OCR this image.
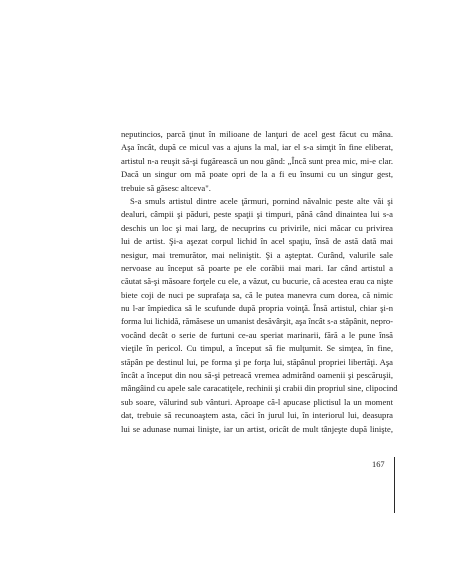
neputincios, parcă ţinut în milioane de lanţuri de acel gest făcut cu mâna.
Aşa încât, după ce micul vas a ajuns la mal, iar el s-a simţit în fine eliberat,
artistul n-a reuşit să-şi fugărească un nou gând: „Încă sunt prea mic, mi-e clar.
Dacă un singur om mă poate opri de la a fi eu însumi cu un singur gest,
trebuie să găsesc altceva".
S-a smuls artistul dintre acele ţărmuri, pornind năvalnic peste alte văi şi
dealuri, câmpii şi păduri, peste spaţii şi timpuri, până când dinaintea lui s-a
deschis un loc şi mai larg, de necuprins cu privirile, nici măcar cu privirea
lui de artist. Şi-a aşezat corpul lichid în acel spaţiu, însă de astă dată mai
nesigur, mai tremurător, mai neliniştit. Şi a aşteptat. Curând, valurile sale
nervoase au început să poarte pe ele corăbii mai mari. Iar când artistul a
căutat să-şi măsoare forţele cu ele, a văzut, cu bucurie, că acestea erau ca nişte
biete coji de nuci pe suprafaţa sa, că le putea manevra cum dorea, că nimic
nu l-ar împiedica să le scufunde după propria voinţă. Însă artistul, chiar şi-n
forma lui lichidă, rămăsese un umanist desăvârşit, aşa încât s-a stăpânit, nepro-
vocând decât o serie de furtuni ce-au speriat marinarii, fără a le pune însă
vieţile în pericol. Cu timpul, a început să fie mulţumit. Se simţea, în fine,
stăpân pe destinul lui, pe forma şi pe forţa lui, stăpânul propriei libertăţi. Aşa
încât a început din nou să-şi petreacă vremea admirând oamenii şi pescăruşii,
mângâind cu apele sale caracatiţele, rechinii şi crabii din propriul sine, clipocind
sub soare, vălurind sub vânturi. Aproape că-l apucase plictisul la un moment
dat, trebuie să recunoaştem asta, căci în jurul lui, în interiorul lui, deasupra
lui se adunase numai linişte, iar un artist, oricât de mult tânjeşte după linişte,
167
